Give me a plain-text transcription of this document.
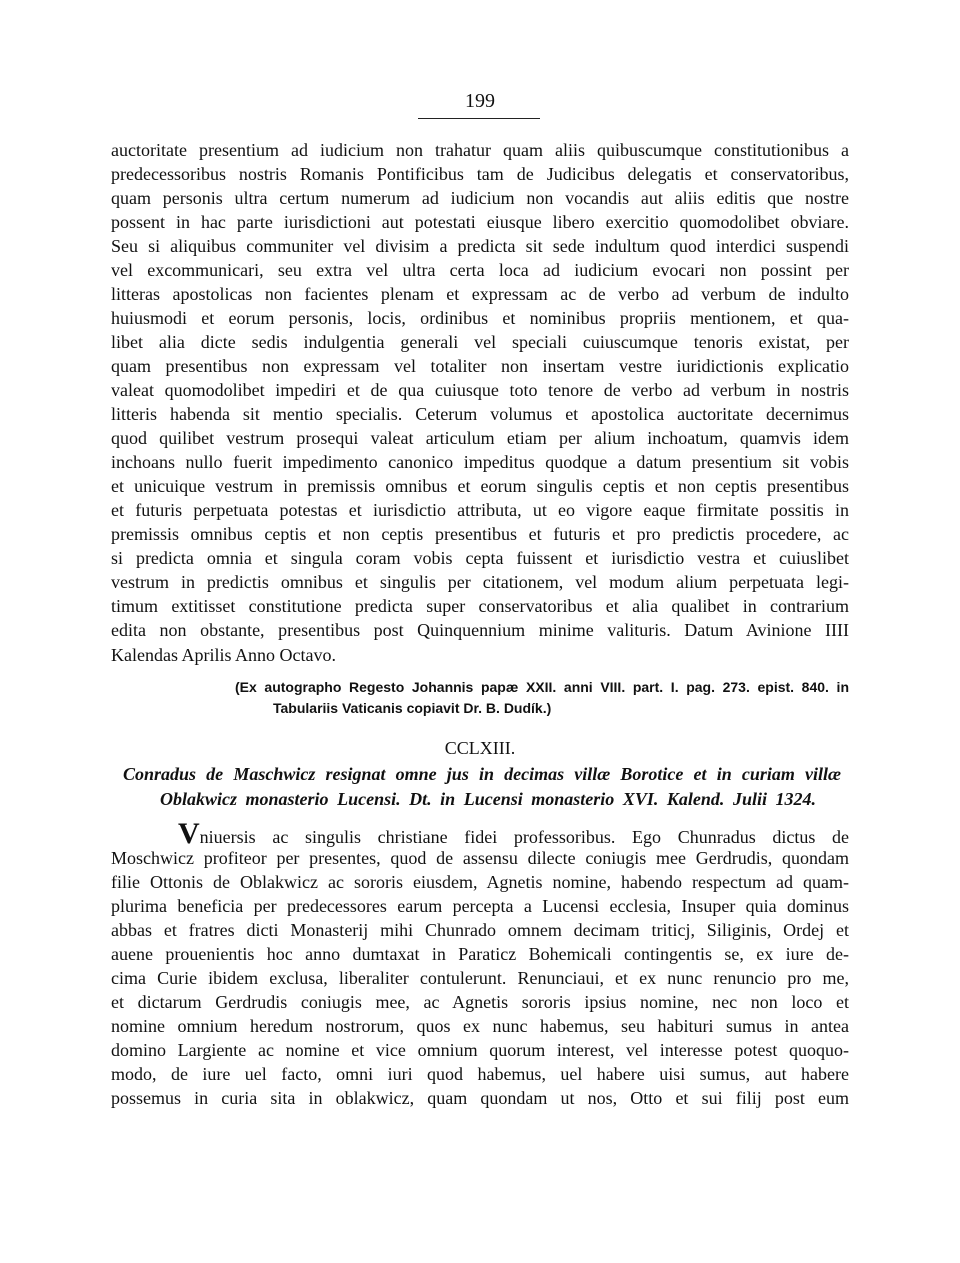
199
auctoritate presentium ad iudicium non trahatur quam aliis quibuscumque constitutionibus a
predecessoribus nostris Romanis Pontificibus tam de Judicibus delegatis et conservatoribus,
quam personis ultra certum numerum ad iudicium non vocandis aut aliis editis que nostre
possent in hac parte iurisdictioni aut potestati eiusque libero exercitio quomodolibet obviare.
Seu si aliquibus communiter vel divisim a predicta sit sede indultum quod interdici suspendi
vel excommunicari, seu extra vel ultra certa loca ad iudicium evocari non possint per
litteras apostolicas non facientes plenam et expressam ac de verbo ad verbum de indulto
huiusmodi et eorum personis, locis, ordinibus et nominibus propriis mentionem, et qua-
libet alia dicte sedis indulgentia generali vel speciali cuiuscumque tenoris existat, per
quam presentibus non expressam vel totaliter non insertam vestre iuridictionis explicatio
valeat quomodolibet impediri et de qua cuiusque toto tenore de verbo ad verbum in nostris
litteris habenda sit mentio specialis. Ceterum volumus et apostolica auctoritate decernimus
quod quilibet vestrum prosequi valeat articulum etiam per alium inchoatum, quamvis idem
inchoans nullo fuerit impedimento canonico impeditus quodque a datum presentium sit vobis
et unicuique vestrum in premissis omnibus et eorum singulis ceptis et non ceptis presentibus
et futuris perpetuata potestas et iurisdictio attributa, ut eo vigore eaque firmitate possitis in
premissis omnibus ceptis et non ceptis presentibus et futuris et pro predictis procedere, ac
si predicta omnia et singula coram vobis cepta fuissent et iurisdictio vestra et cuiuslibet
vestrum in predictis omnibus et singulis per citationem, vel modum alium perpetuata legi-
timum extitisset constitutione predicta super conservatoribus et alia qualibet in contrarium
edita non obstante, presentibus post Quinquennium minime valituris. Datum Avinione IIII
Kalendas Aprilis Anno Octavo.
(Ex autographo Regesto Johannis papæ XXII. anni VIII. part. I. pag. 273. epist. 840. in
Tabulariis Vaticanis copiavit Dr. B. Dudík.)
CCLXIII.
Conradus de Maschwicz resignat omne jus in decimas villæ Borotice et in curiam villæ
Oblakwicz monasterio Lucensi. Dt. in Lucensi monasterio XVI. Kalend. Julii 1324.
Vniuersis ac singulis christiane fidei professoribus. Ego Chunradus dictus de
Moschwicz profiteor per presentes, quod de assensu dilecte coniugis mee Gerdrudis, quondam
filie Ottonis de Oblakwicz ac sororis eiusdem, Agnetis nomine, habendo respectum ad quam-
plurima beneficia per predecessores earum percepta a Lucensi ecclesia, Insuper quia dominus
abbas et fratres dicti Monasterij mihi Chunrado omnem decimam triticj, Siliginis, Ordej et
auene prouenientis hoc anno dumtaxat in Paraticz Bohemicali contingentis se, ex iure de-
cima Curie ibidem exclusa, liberaliter contulerunt. Renunciaui, et ex nunc renuncio pro me,
et dictarum Gerdrudis coniugis mee, ac Agnetis sororis ipsius nomine, nec non loco et
nomine omnium heredum nostrorum, quos ex nunc habemus, seu habituri sumus in antea
domino Largiente ac nomine et vice omnium quorum interest, vel interesse potest quoquo-
modo, de iure uel facto, omni iuri quod habemus, uel habere uisi sumus, aut habere
possemus in curia sita in oblakwicz, quam quondam ut nos, Otto et sui filij post eum
